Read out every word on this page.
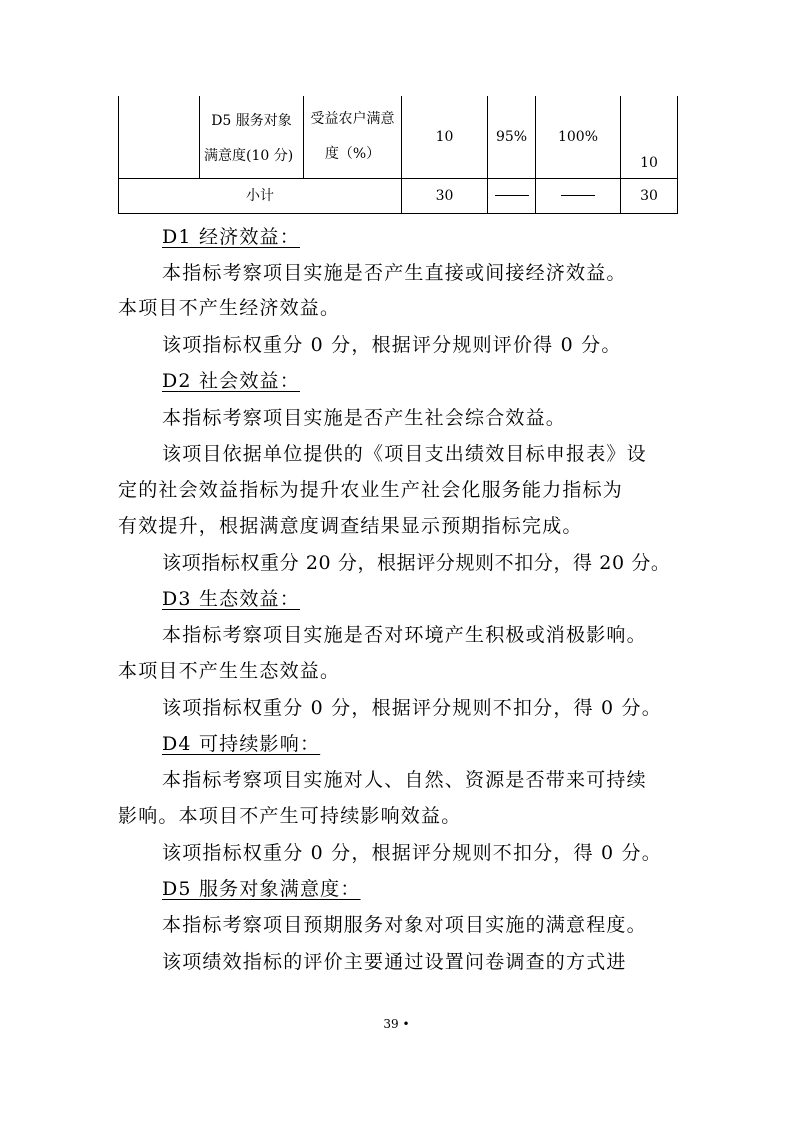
	D5 服务对象
满意度(10 分)	受益农户满意
度（%）	10	95%	100%	10
小计			30			30
D1 经济效益：
本指标考察项目实施是否产生直接或间接经济效益。
本项目不产生经济效益。
该项指标权重分 0 分，根据评分规则评价得 0 分。
D2 社会效益：
本指标考察项目实施是否产生社会综合效益。
该项目依据单位提供的《项目支出绩效目标申报表》设
定的社会效益指标为提升农业生产社会化服务能力指标为
有效提升，根据满意度调查结果显示预期指标完成。
该项指标权重分 20 分，根据评分规则不扣分，得 20 分。
D3 生态效益：
本指标考察项目实施是否对环境产生积极或消极影响。
本项目不产生生态效益。
该项指标权重分 0 分，根据评分规则不扣分，得 0 分。
D4 可持续影响：
本指标考察项目实施对人、自然、资源是否带来可持续
影响。本项目不产生可持续影响效益。
该项指标权重分 0 分，根据评分规则不扣分，得 0 分。
D5 服务对象满意度：
本指标考察项目预期服务对象对项目实施的满意程度。
该项绩效指标的评价主要通过设置问卷调查的方式进
39 •
